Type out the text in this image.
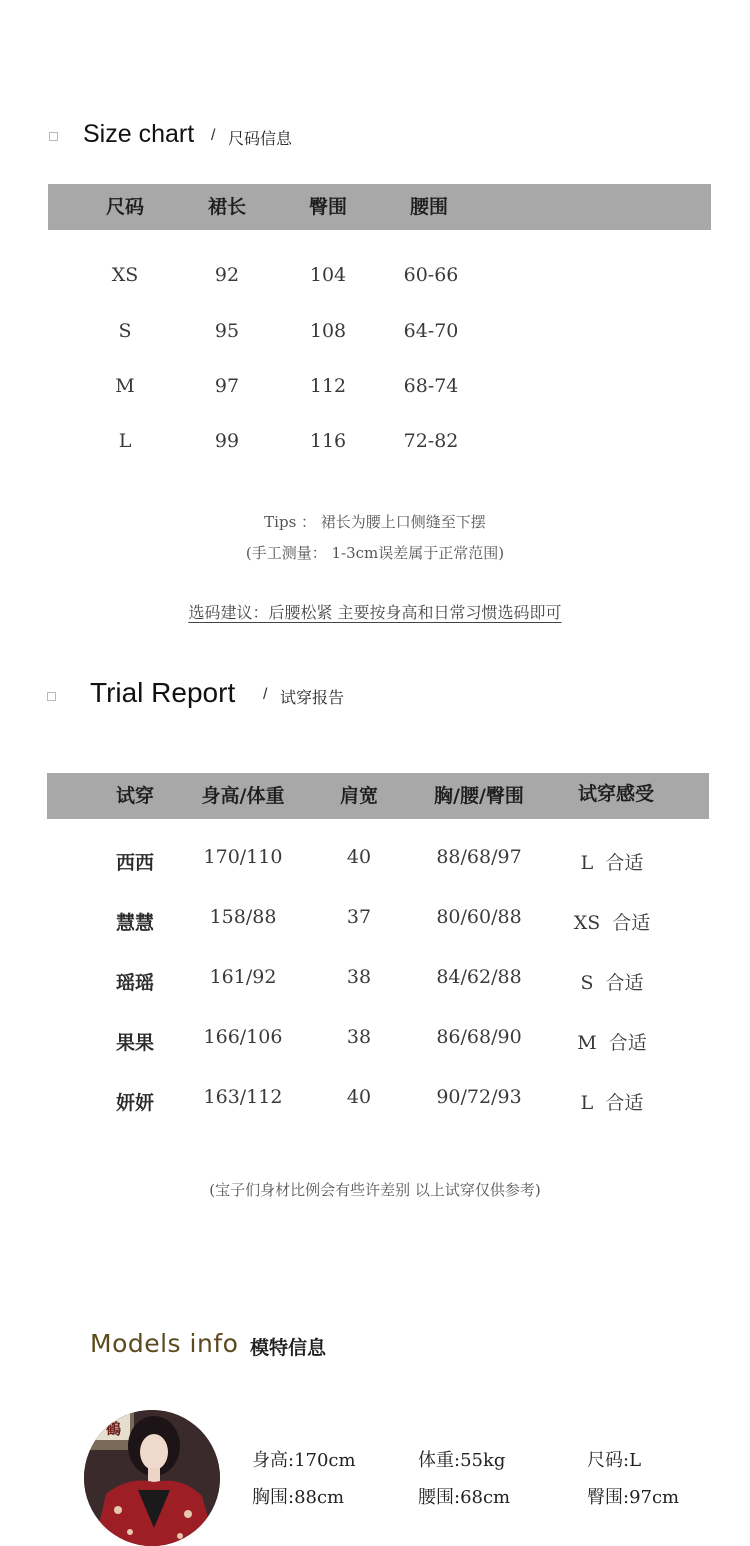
Size chart / 尺码信息
尺码	裙长	臀围	腰围
XS	92	104	60-66
S	95	108	64-70
M	97	112	68-74
L	99	116	72-82
Tips ： 裙长为腰上口侧缝至下摆
(手工测量： 1-3cm误差属于正常范围)
选码建议：后腰松紧 主要按身高和日常习惯选码即可
Trial Report / 试穿报告
试穿	身高/体重	肩宽	胸/腰/臀围	试穿感受
西西	170/110	40	88/68/97	L  合适
慧慧	158/88	37	80/60/88	XS  合适
瑶瑶	161/92	38	84/62/88	S  合适
果果	166/106	38	86/68/90	M  合适
妍妍	163/112	40	90/72/93	L  合适
(宝子们身材比例会有些许差别 以上试穿仅供参考)
Models info 模特信息
鶴
身高:170cm	体重:55kg	尺码:L
胸围:88cm	腰围:68cm	臀围:97cm
